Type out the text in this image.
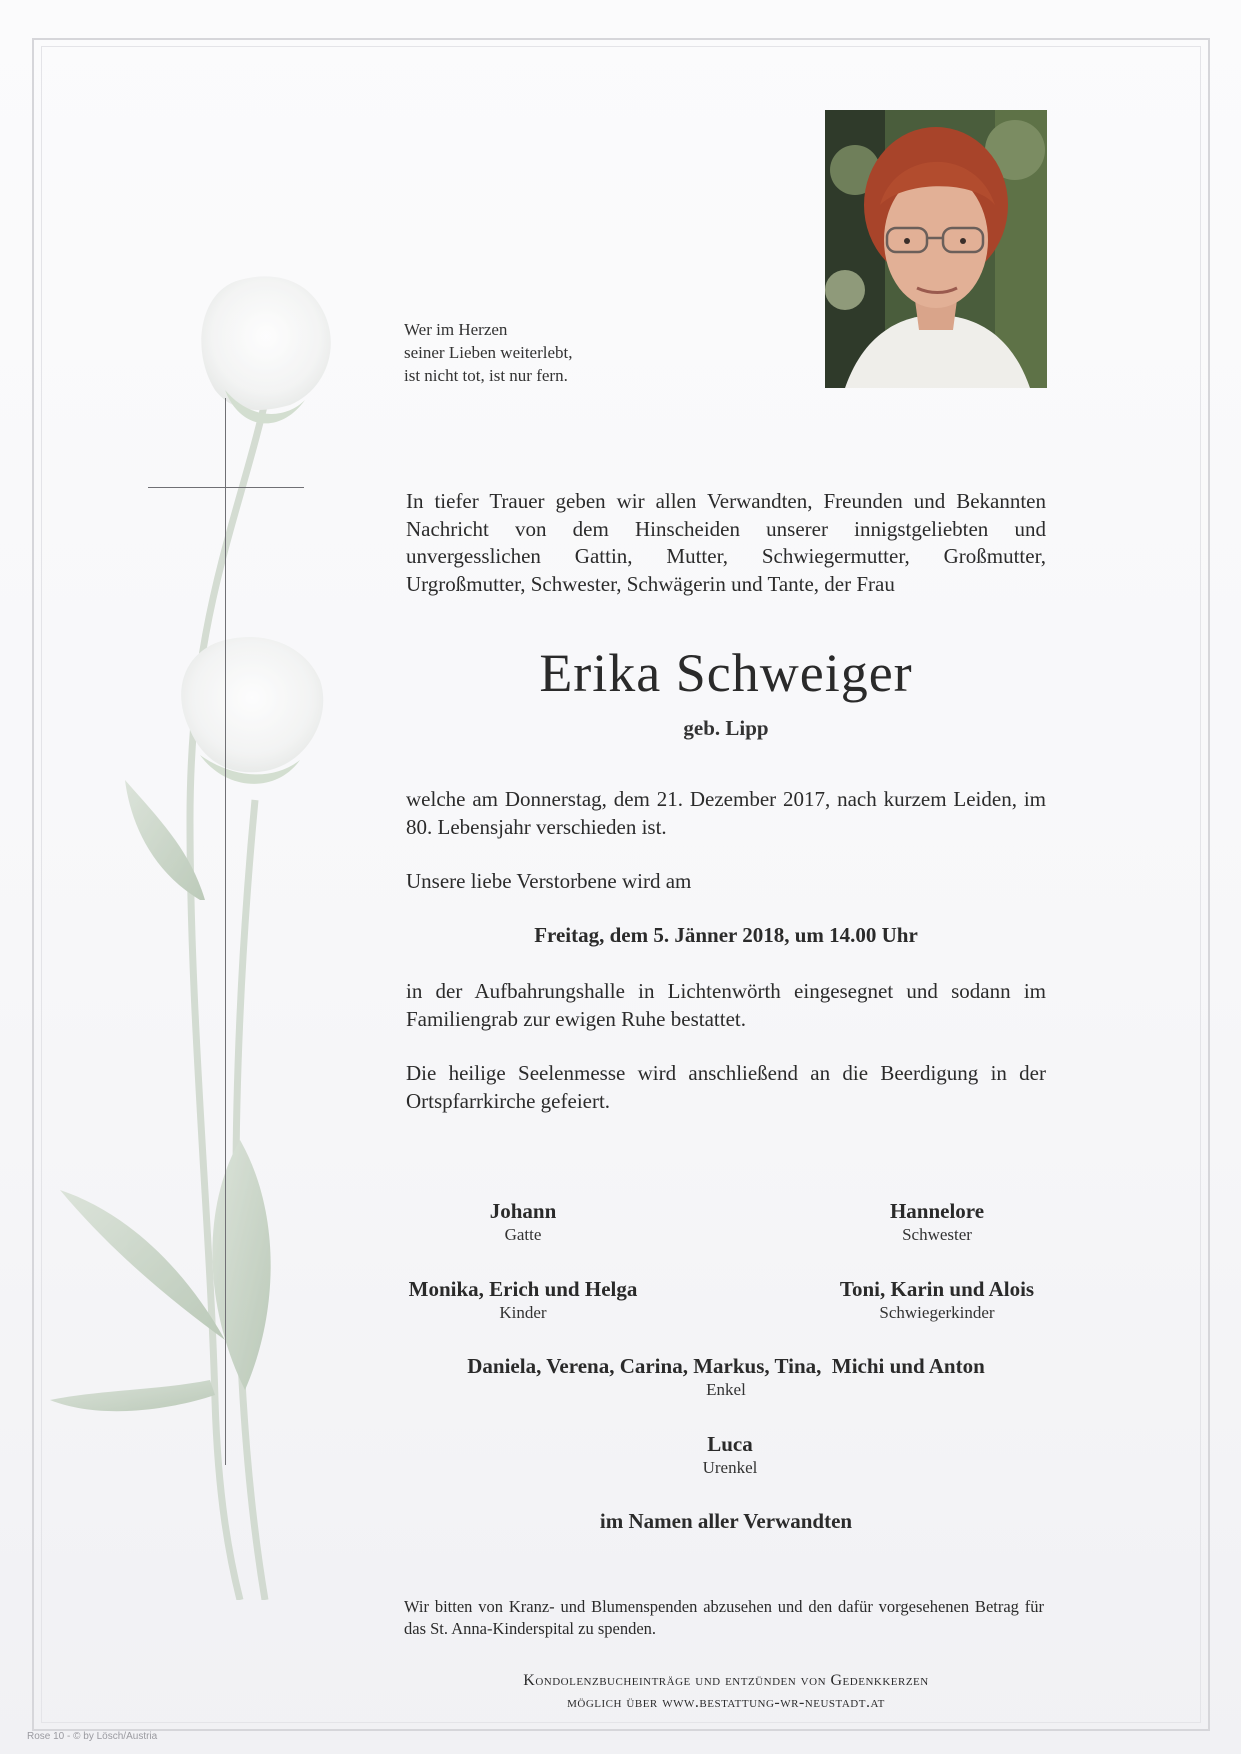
Wer im Herzen
seiner Lieben weiterlebt,
ist nicht tot, ist nur fern.
In tiefer Trauer geben wir allen Verwandten, Freunden und Bekannten Nachricht von dem Hinscheiden unserer innigstgeliebten und unvergesslichen Gattin, Mutter, Schwiegermutter, Großmutter, Urgroßmutter, Schwester, Schwägerin und Tante, der Frau
Erika Schweiger
geb. Lipp
welche am Donnerstag, dem 21. Dezember 2017, nach kurzem Leiden, im 80. Lebensjahr verschieden ist.
Unsere liebe Verstorbene wird am
Freitag, dem 5. Jänner 2018, um 14.00 Uhr
in der Aufbahrungshalle in Lichtenwörth eingesegnet und sodann im Familiengrab zur ewigen Ruhe bestattet.
Die heilige Seelenmesse wird anschließend an die Beerdigung in der Ortspfarrkirche gefeiert.
Johann
Gatte
Hannelore
Schwester
Monika, Erich und Helga
Kinder
Toni, Karin und Alois
Schwiegerkinder
Daniela, Verena, Carina, Markus, Tina,  Michi und Anton
Enkel
Luca
Urenkel
im Namen aller Verwandten
Wir bitten von Kranz- und Blumenspenden abzusehen und den dafür vorgesehenen Betrag für das St. Anna-Kinderspital zu spenden.
Kondolenzbucheinträge und entzünden von Gedenkkerzen
möglich über www.bestattung-wr-neustadt.at
Rose 10 - © by Lösch/Austria
